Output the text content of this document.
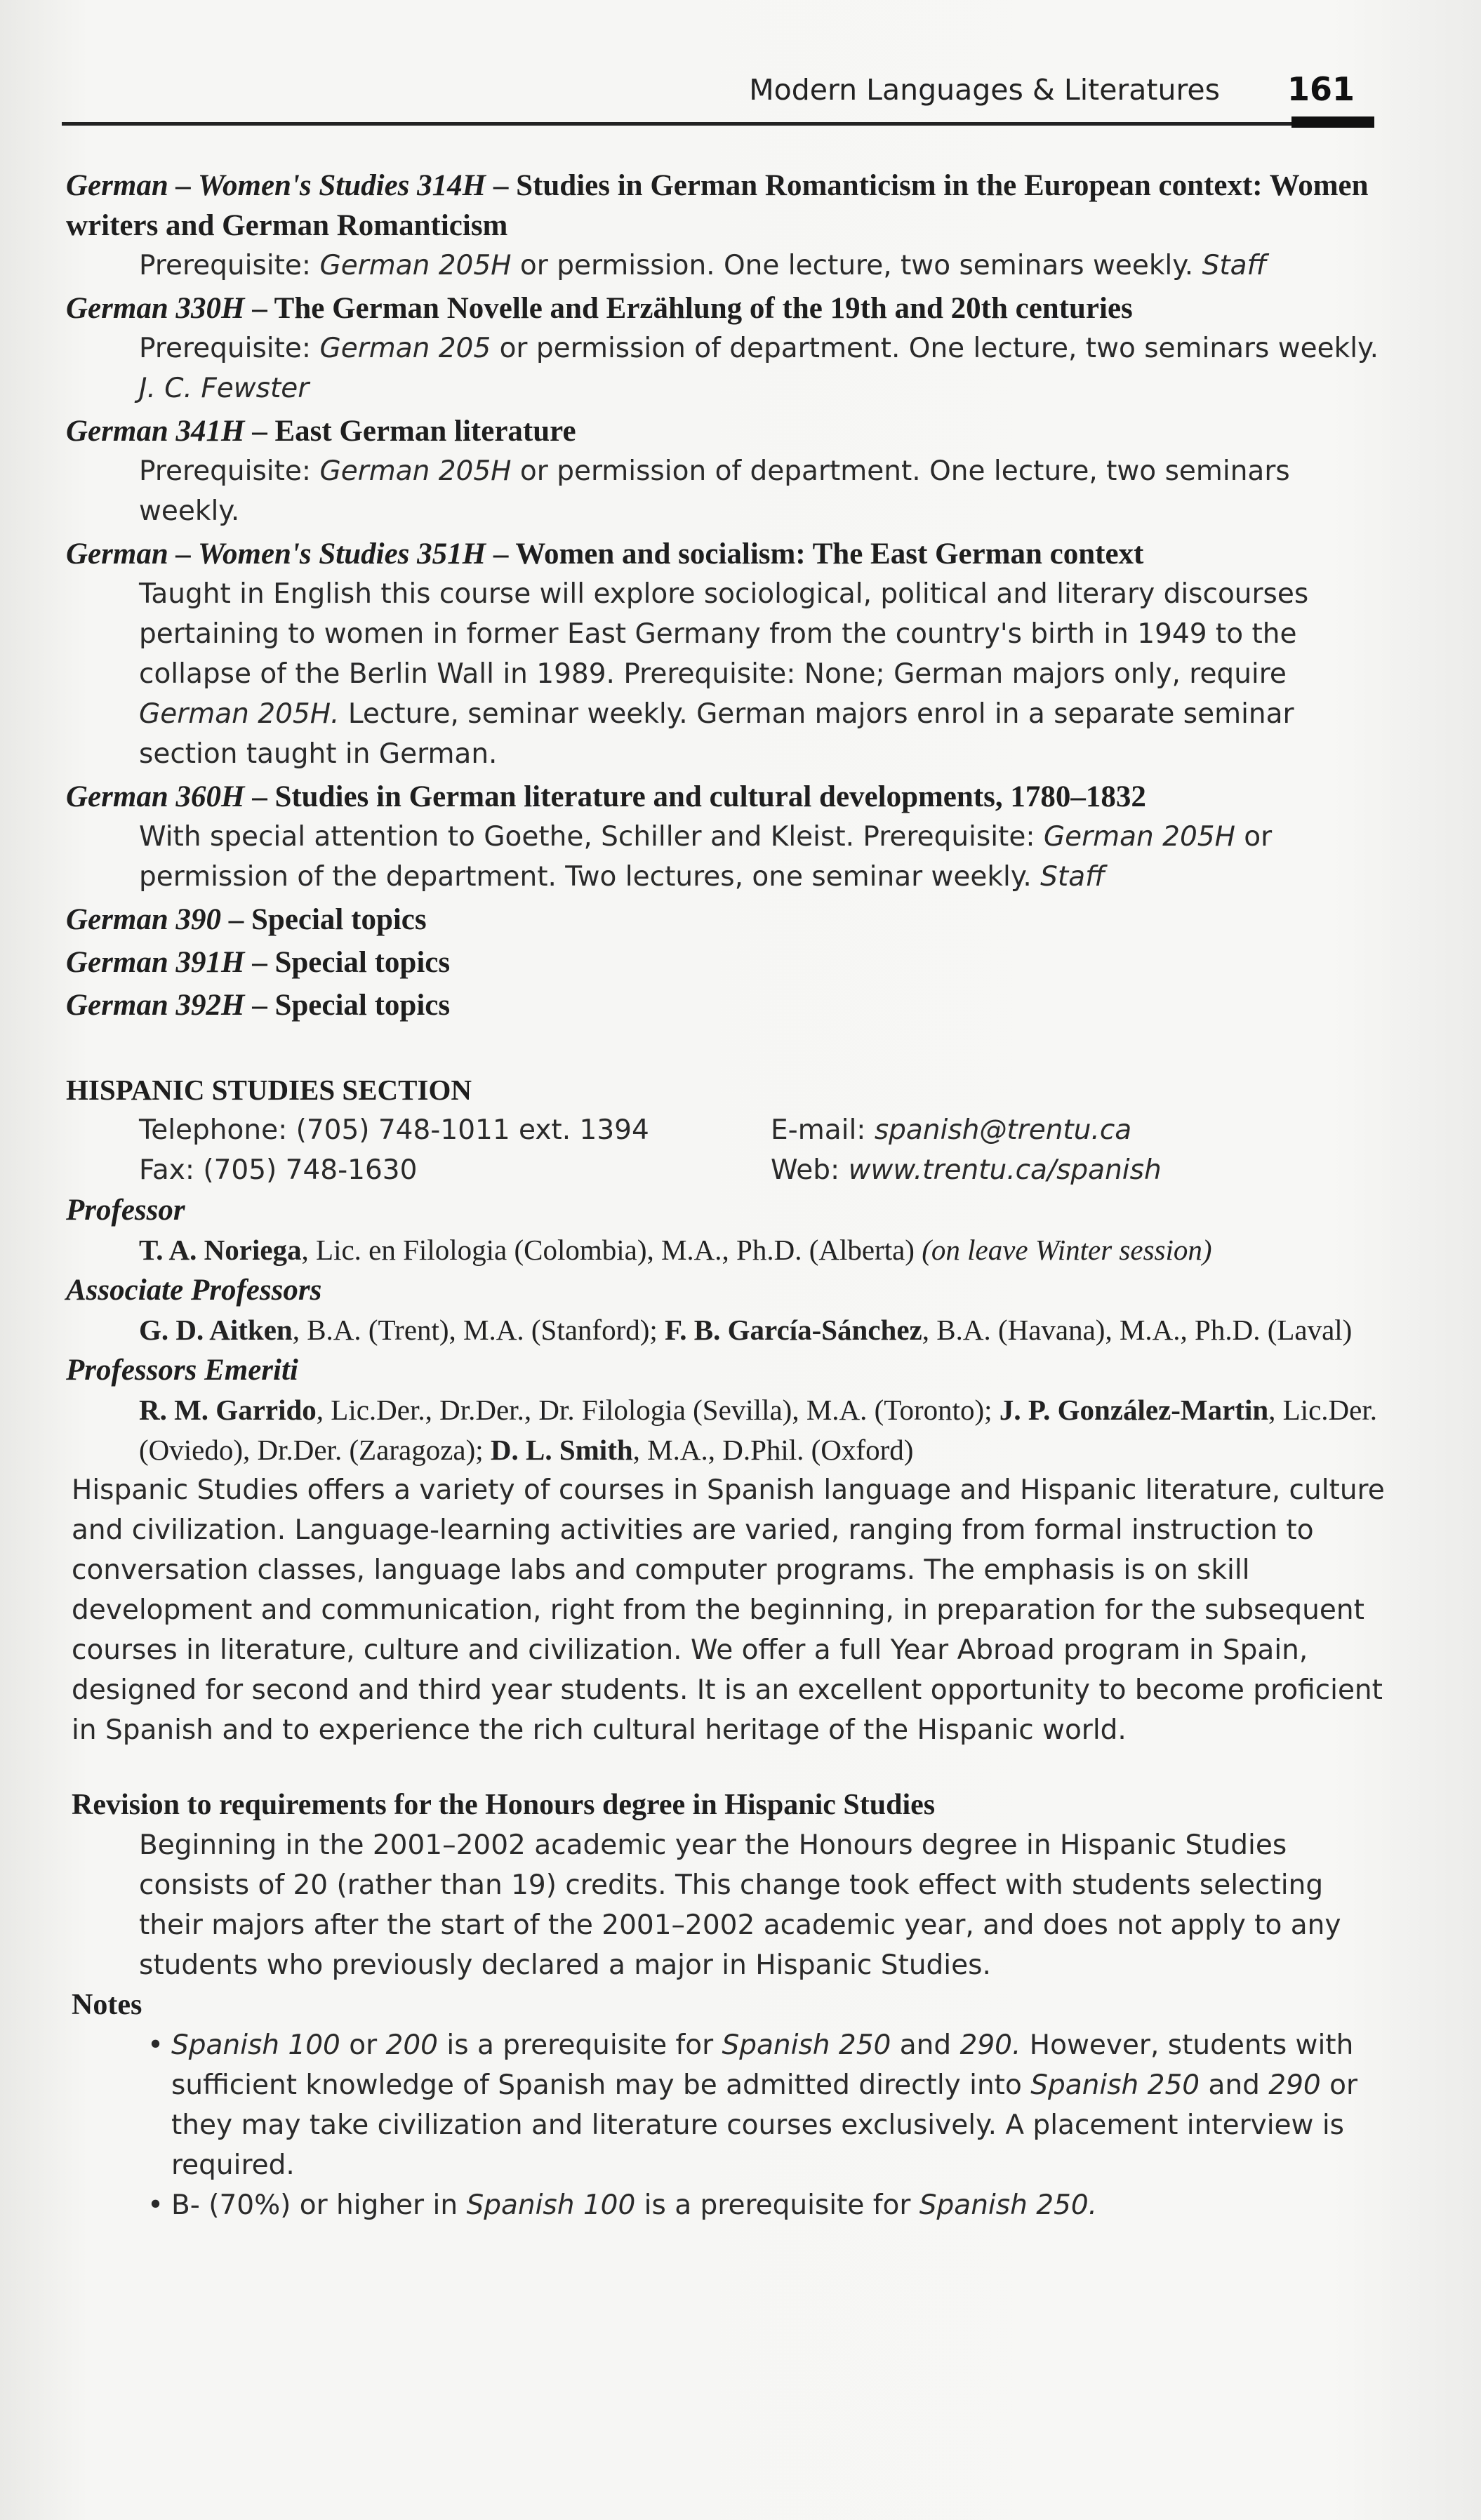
Modern Languages & Literatures 161
German – Women's Studies 314H – Studies in German Romanticism in the European context: Women writers and German Romanticism
Prerequisite: German 205H or permission. One lecture, two seminars weekly. Staff
German 330H – The German Novelle and Erzählung of the 19th and 20th centuries
Prerequisite: German 205 or permission of department. One lecture, two seminars weekly. J. C. Fewster
German 341H – East German literature
Prerequisite: German 205H or permission of department. One lecture, two seminars weekly.
German – Women's Studies 351H – Women and socialism: The East German context
Taught in English this course will explore sociological, political and literary discourses pertaining to women in former East Germany from the country's birth in 1949 to the collapse of the Berlin Wall in 1989. Prerequisite: None; German majors only, require German 205H. Lecture, seminar weekly. German majors enrol in a separate seminar section taught in German.
German 360H – Studies in German literature and cultural developments, 1780–1832
With special attention to Goethe, Schiller and Kleist. Prerequisite: German 205H or permission of the department. Two lectures, one seminar weekly. Staff
German 390 – Special topics
German 391H – Special topics
German 392H – Special topics
HISPANIC STUDIES SECTION
Telephone: (705) 748-1011 ext. 1394	E-mail: spanish@trentu.ca
Fax: (705) 748-1630	Web: www.trentu.ca/spanish
Professor
T. A. Noriega, Lic. en Filologia (Colombia), M.A., Ph.D. (Alberta) (on leave Winter session)
Associate Professors
G. D. Aitken, B.A. (Trent), M.A. (Stanford); F. B. García-Sánchez, B.A. (Havana), M.A., Ph.D. (Laval)
Professors Emeriti
R. M. Garrido, Lic.Der., Dr.Der., Dr. Filologia (Sevilla), M.A. (Toronto); J. P. González-Martin, Lic.Der. (Oviedo), Dr.Der. (Zaragoza); D. L. Smith, M.A., D.Phil. (Oxford)
Hispanic Studies offers a variety of courses in Spanish language and Hispanic literature, culture and civilization. Language-learning activities are varied, ranging from formal instruction to conversation classes, language labs and computer programs. The emphasis is on skill development and communication, right from the beginning, in preparation for the subsequent courses in literature, culture and civilization. We offer a full Year Abroad program in Spain, designed for second and third year students. It is an excellent opportunity to become proficient in Spanish and to experience the rich cultural heritage of the Hispanic world.
Revision to requirements for the Honours degree in Hispanic Studies
Beginning in the 2001–2002 academic year the Honours degree in Hispanic Studies consists of 20 (rather than 19) credits. This change took effect with students selecting their majors after the start of the 2001–2002 academic year, and does not apply to any students who previously declared a major in Hispanic Studies.
Notes
• Spanish 100 or 200 is a prerequisite for Spanish 250 and 290. However, students with sufficient knowledge of Spanish may be admitted directly into Spanish 250 and 290 or they may take civilization and literature courses exclusively. A placement interview is required.
• B- (70%) or higher in Spanish 100 is a prerequisite for Spanish 250.
